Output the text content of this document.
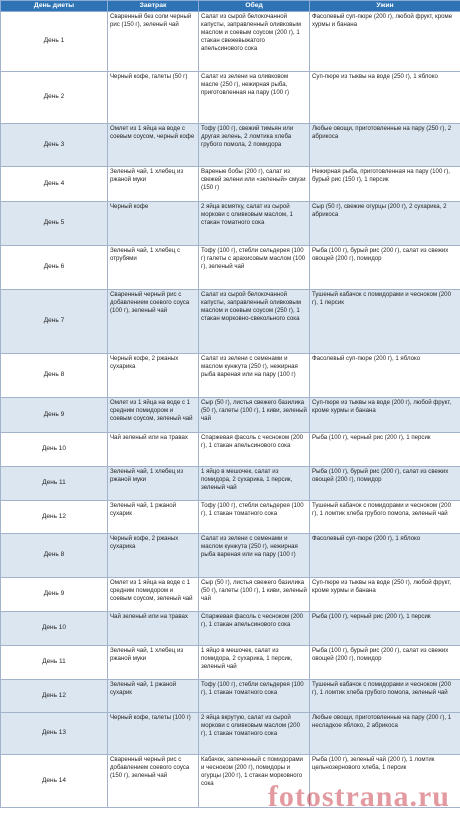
День диеты	Завтрак	Обед	Ужин
День 1	Сваренный без соли черный рис (150 г), зеленый чай	Салат из сырой белокочанной капусты, заправленный оливковым маслом и соевым соусом (200 г), 1 стакан свежевыжатого апельсинового сока	Фасолевый суп-пюре (200 г), любой фрукт, кроме хурмы и банана
День 2	Черный кофе, галеты (50 г)	Салат из зелени на оливковом масле (250 г), нежирная рыба, приготовленная на пару (100 г)	Суп-пюре из тыквы на воде (250 г), 1 яблоко
День 3	Омлет из 1 яйца на воде с соевым соусом, черный кофе	Тофу (100 г), свежий тимьян или другая зелень, 2 ломтика хлеба грубого помола, 2 помидора	Любые овощи, приготовленные на пару (250 г), 2 абрикоса
День 4	Зеленый чай, 1 хлебец из ржаной муки	Вареные бобы (200 г), салат из свежей зелени или «зеленый» смузи (150 г)	Нежирная рыба, приготовленная на пару (100 г), бурый рис (150 г), 1 персик
День 5	Черный кофе	2 яйца всмятку, салат из сырой моркови с оливковым маслом, 1 стакан томатного сока	Сыр (50 г), свежие огурцы (200 г), 2 сухарика, 2 абрикоса
День 6	Зеленый чай, 1 хлебец с отрубями	Тофу (100 г), стебли сельдерея (100 г) галеты с арахисовым маслом (100 г), зеленый чай	Рыба (100 г), бурый рис (200 г), салат из свежих овощей (200 г), помидор
День 7	Сваренный черный рис с добавлением соевого соуса (100 г), зеленый чай	Салат из сырой белокочанной капусты, заправленный оливковым маслом и соевым соусом (250 г), 1 стакан морковно-свекольного сока	Тушеный кабачок с помидорами и чесноком (200 г), 1 персик
День 8	Черный кофе, 2 ржаных сухарика	Салат из зелени с семенами и маслом кунжута (250 г), нежирная рыба вареная или на пару (100 г)	Фасолевый суп-пюре (200 г), 1 яблоко
День 9	Омлет из 1 яйца на воде с 1 средним помидором и соевым соусом, зеленый чай	Сыр (50 г), листья свежего базилика (50 г), галеты (100 г), 1 киви, зеленый чай	Суп-пюре из тыквы на воде (200 г), любой фрукт, кроме хурмы и банана
День 10	Чай зеленый или на травах	Спаржевая фасоль с чесноком (200 г), 1 стакан апельсинового сока	Рыба (100 г), черный рис (200 г), 1 персик
День 11	Зеленый чай, 1 хлебец из ржаной муки	1 яйцо в мешочек, салат из помидора, 2 сухарика, 1 персик, зеленый чай	Рыба (100 г), бурый рис (200 г), салат из свежих овощей (200 г), помидор
День 12	Зеленый чай, 1 ржаной сухарик	Тофу (100 г), стебли сельдерея (100 г), 1 стакан томатного сока	Тушеный кабачок с помидорами и чесноком (200 г), 1 ломтик хлеба грубого помола, зеленый чай
День 8	Черный кофе, 2 ржаных сухарика	Салат из зелени с семенами и маслом кунжута (250 г), нежирная рыба вареная или на пару (100 г)	Фасолевый суп-пюре (200 г), 1 яблоко
День 9	Омлет из 1 яйца на воде с 1 средним помидором и соевым соусом, зеленый чай	Сыр (50 г), листья свежего базилика (50 г), галеты (100 г), 1 киви, зеленый чай	Суп-пюре из тыквы на воде (250 г), любой фрукт, кроме хурмы и банана
День 10	Чай зеленый или на травах	Спаржевая фасоль с чесноком (200 г), 1 стакан апельсинового сока	Рыба (100 г), черный рис (200 г), 1 персик
День 11	Зеленый чай, 1 хлебец из ржаной муки	1 яйцо в мешочек, салат из помидора, 2 сухарика, 1 персик, зеленый чай	Рыба (100 г), бурый рис (200 г), салат из свежих овощей (200 г), помидор
День 12	Зеленый чай, 1 ржаной сухарик	Тофу (100 г), стебли сельдерея (100 г), 1 стакан томатного сока	Тушеный кабачок с помидорами и чесноком (200 г), 1 ломтик хлеба грубого помола, зеленый чай
День 13	Черный кофе, галеты (100 г)	2 яйца вкрутую, салат из сырой моркови с оливковым маслом (200 г), 1 стакан томатного сока	Любые овощи, приготовленные на пару (200 г), 1 несладкое яблоко, 2 абрикоса
День 14	Сваренный черный рис с добавлением соевого соуса (150 г), зеленый чай	Кабачок, запеченный с помидорами и чесноком (200 г), помидоры и огурцы (200 г), 1 стакан морковного сока	Рыба (100 г), зеленый чай (200 г), 1 ломтик цельнозернового хлеба, 1 персик
fotostrana.ru
